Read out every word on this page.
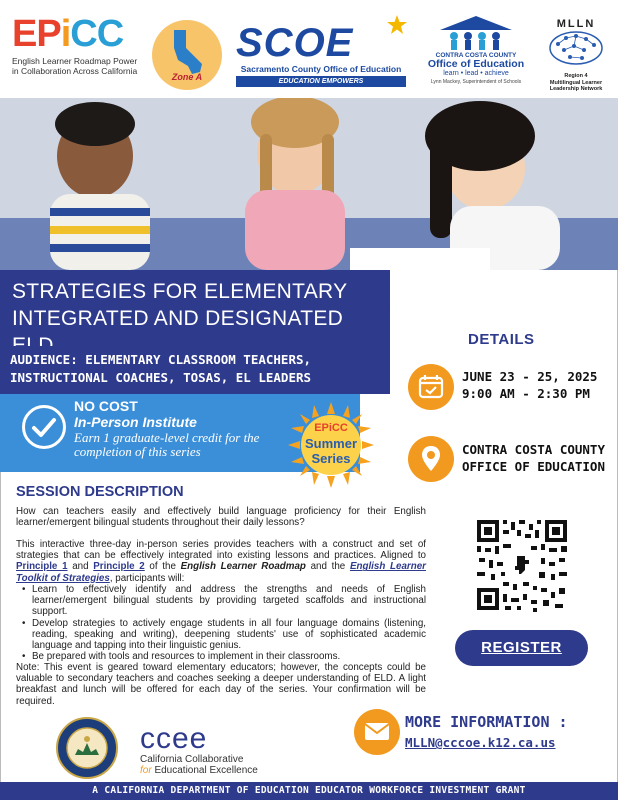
EPiCC
English Learner Roadmap Power
in Collaboration Across California
Zone A
SCOE
Sacramento County Office of Education
EDUCATION EMPOWERS
CONTRA COSTA COUNTY
Office of Education
learn • lead • achieve
Lynn Mackey, Superintendent of Schools
MLLN
Region 4
Multilingual Learner
Leadership Network
STRATEGIES FOR ELEMENTARY
INTEGRATED AND DESIGNATED
AUDIENCE: ELEMENTARY CLASSROOM TEACHERS,
INSTRUCTIONAL COACHES, TOSAS, EL LEADERS
NO COST
In-Person Institute
Earn 1 graduate-level credit for the
completion of this series
EPiCC
Summer
Series
DETAILS
JUNE 23 - 25, 2025
9:00 AM - 2:30 PM
CONTRA COSTA COUNTY
OFFICE OF EDUCATION
SESSION DESCRIPTION
How can teachers easily and effectively build language proficiency for their English learner/emergent bilingual students throughout their daily lessons?
This interactive three-day in-person series provides teachers with a construct and set of strategies that can be effectively integrated into existing lessons and practices. Aligned to Principle 1 and Principle 2 of the English Learner Roadmap and the English Learner Toolkit of Strategies, participants will:
• Learn to effectively identify and address the strengths and needs of English learner/emergent bilingual students by providing targeted scaffolds and instructional support.
• Develop strategies to actively engage students in all four language domains (listening, reading, speaking and writing), deepening students' use of sophisticated academic language and tapping into their linguistic genius.
• Be prepared with tools and resources to implement in their classrooms.
Note: This event is geared toward elementary educators; however, the concepts could be valuable to secondary teachers and coaches seeking a deeper understanding of ELD. A light breakfast and lunch will be offered for each day of the series. Your confirmation will be required.
REGISTER
ccee
California Collaborative
for Educational Excellence
MORE INFORMATION :
MLLN@cccoe.k12.ca.us
A CALIFORNIA DEPARTMENT OF EDUCATION EDUCATOR WORKFORCE INVESTMENT GRANT
